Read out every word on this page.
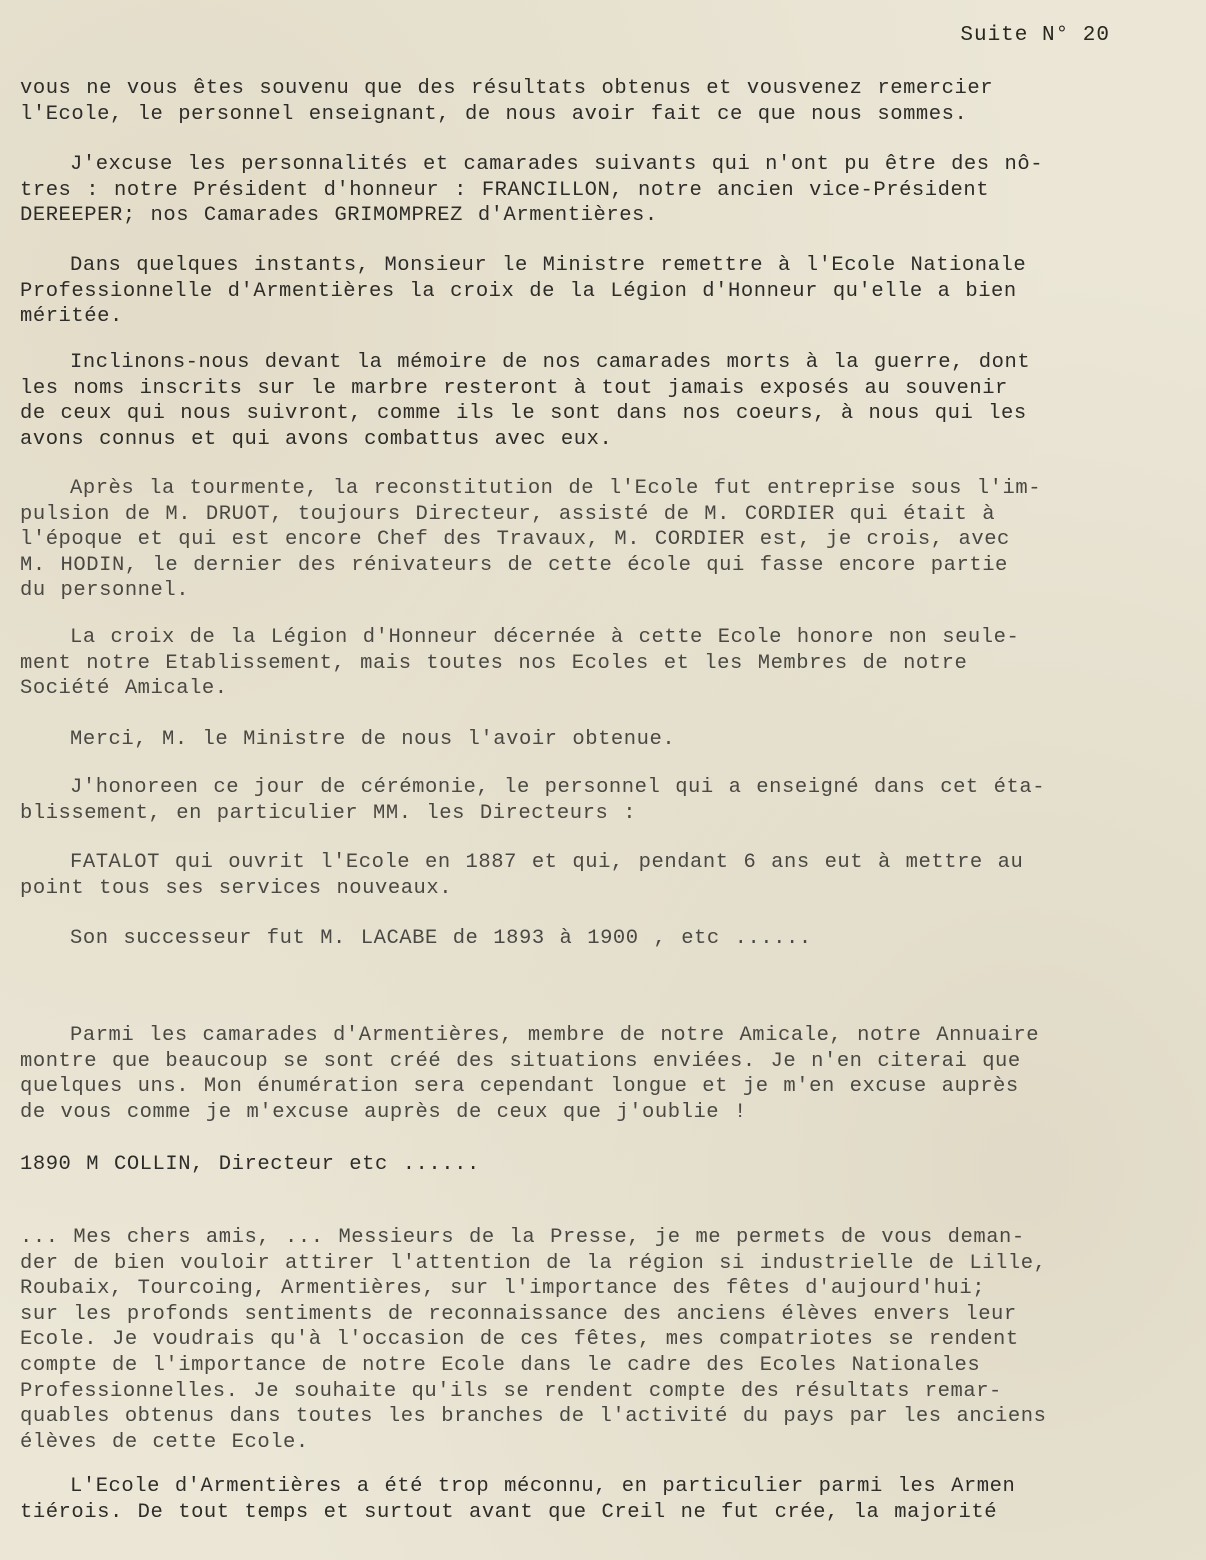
Suite N° 20

vous ne vous êtes souvenu que des résultats obtenus et vousvenez remercier
l'Ecole, le personnel enseignant, de nous avoir fait ce que nous sommes.

J'excuse les personnalités et camarades suivants qui n'ont pu être des nô-
tres : notre Président d'honneur : FRANCILLON, notre ancien vice-Président
DEREEPER; nos Camarades GRIMOMPREZ d'Armentières.

Dans quelques instants, Monsieur le Ministre remettre à l'Ecole Nationale
Professionnelle d'Armentières la croix de la Légion d'Honneur qu'elle a bien
méritée.

Inclinons-nous devant la mémoire de nos camarades morts à la guerre, dont
les noms inscrits sur le marbre resteront à tout jamais exposés au souvenir
de ceux qui nous suivront, comme ils le sont dans nos coeurs, à nous qui les
avons connus et qui avons combattus avec eux.

Après la tourmente, la reconstitution de l'Ecole fut entreprise sous l'im-
pulsion de M. DRUOT, toujours Directeur, assisté de M. CORDIER qui était à
l'époque et qui est encore Chef des Travaux, M. CORDIER est, je crois, avec
M. HODIN, le dernier des rénivateurs de cette école qui fasse encore partie
du personnel.

La croix de la Légion d'Honneur décernée à cette Ecole honore non seule-
ment notre Etablissement, mais toutes nos Ecoles et les Membres de notre
Société Amicale.

Merci, M. le Ministre de nous l'avoir obtenue.

J'honoreen ce jour de cérémonie, le personnel qui a enseigné dans cet éta-
blissement, en particulier MM. les Directeurs :

FATALOT qui ouvrit l'Ecole en 1887 et qui, pendant 6 ans eut à mettre au
point tous ses services nouveaux.

Son successeur fut M. LACABE de 1893 à 1900 , etc ......

Parmi les camarades d'Armentières, membre de notre Amicale, notre Annuaire
montre que beaucoup se sont créé des situations enviées. Je n'en citerai que
quelques uns. Mon énumération sera cependant longue et je m'en excuse auprès
de vous comme je m'excuse auprès de ceux que j'oublie !

1890 M COLLIN, Directeur etc ......

... Mes chers amis, ... Messieurs de la Presse, je me permets de vous deman-
der de bien vouloir attirer l'attention de la région si industrielle de Lille,
Roubaix, Tourcoing, Armentières, sur l'importance des fêtes d'aujourd'hui;
sur les profonds sentiments de reconnaissance des anciens élèves envers leur
Ecole. Je voudrais qu'à l'occasion de ces fêtes, mes compatriotes se rendent
compte de l'importance de notre Ecole dans le cadre des Ecoles Nationales
Professionnelles. Je souhaite qu'ils se rendent compte des résultats remar-
quables obtenus dans toutes les branches de l'activité du pays par les anciens
élèves de cette Ecole.

L'Ecole d'Armentières a été trop méconnu, en particulier parmi les Armen
tiérois. De tout temps et surtout avant que Creil ne fut crée, la majorité
